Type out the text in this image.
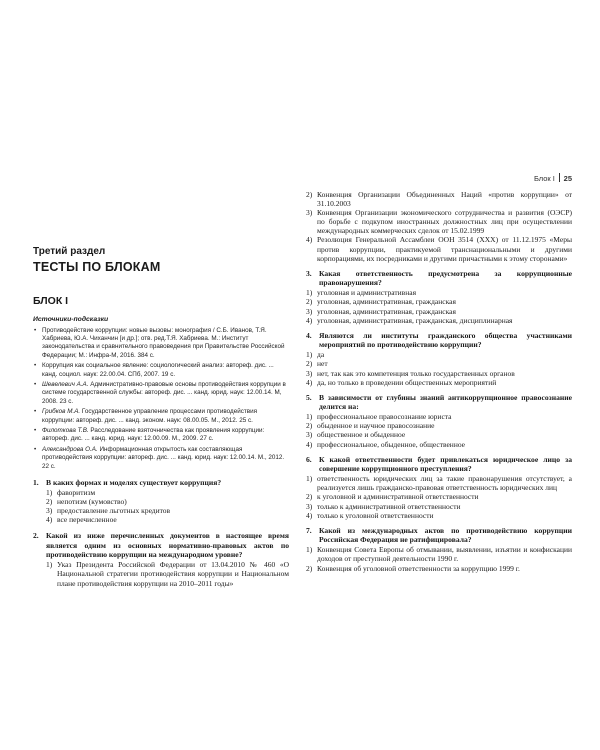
Блок I 25
Третий раздел
ТЕСТЫ ПО БЛОКАМ
БЛОК I
Источники-подсказки
• Противодействие коррупции: новые вызовы: монография / С.Б. Иванов, Т.Я. Хабриева, Ю.А. Чиханчин [и др.]; отв. ред.Т.Я. Хабриева. М.: Институт законодательства и сравнительного правоведения при Правительстве Российской Федерации; М.: Инфра-М, 2016. 384 с.
• Коррупция как социальное явление: социологический анализ: автореф. дис. ... канд. социол. наук: 22.00.04. СПб, 2007. 19 с.
• Шевелевич А.А. Административно-правовые основы противодействия коррупции в системе государственной службы: автореф. дис. ... канд. юрид. наук: 12.00.14. М, 2008. 23 с.
• Грибков М.А. Государственное управление процессами противодействия коррупции: автореф. дис. ... канд. эконом. наук: 08.00.05. М., 2012. 25 с.
• Филоткова Т.В. Расследование взяточничества как проявления коррупции: автореф. дис. ... канд. юрид. наук: 12.00.09. М., 2009. 27 с.
• Александрова О.А. Информационная открытость как составляющая противодействия коррупции: автореф. дис. ... канд. юрид. наук: 12.00.14. М., 2012. 22 с.
1. В каких формах и моделях существует коррупция?
1) фаворитизм
2) непотизм (кумовство)
3) предоставление льготных кредитов
4) все перечисленное
2. Какой из ниже перечисленных документов в настоящее время является одним из основных нормативно-правовых актов по противодействию коррупции на международном уровне?
1) Указ Президента Российской Федерации от 13.04.2010 № 460 «О Национальной стратегии противодействия коррупции и Национальном плане противодействия коррупции на 2010–2011 годы»
2) Конвенция Организации Объединенных Наций «против коррупции» от 31.10.2003
3) Конвенция Организации экономического сотрудничества и развития (ОЭСР) по борьбе с подкупом иностранных должностных лиц при осуществлении международных коммерческих сделок от 15.02.1999
4) Резолюция Генеральной Ассамблеи ООН 3514 (XXX) от 11.12.1975 «Меры против коррупции, практикуемой транснациональными и другими корпорациями, их посредниками и другими причастными к этому сторонами»
3. Какая ответственность предусмотрена за коррупционные правонарушения?
1) уголовная и административная
2) уголовная, административная, гражданская
3) уголовная, административная, гражданская
4) уголовная, административная, гражданская, дисциплинарная
4. Являются ли институты гражданского общества участниками мероприятий по противодействию коррупции?
1) да
2) нет
3) нет, так как это компетенция только государственных органов
4) да, но только в проведении общественных мероприятий
5. В зависимости от глубины знаний антикоррупционное правосознание делится на:
1) профессиональное правосознание юриста
2) обыденное и научное правосознание
3) общественное и обыденное
4) профессиональное, обыденное, общественное
6. К какой ответственности будет привлекаться юридическое лицо за совершение коррупционного преступления?
1) ответственность юридических лиц за такие правонарушения отсутствует, а реализуется лишь гражданско-правовая ответственность юридических лиц
2) к уголовной и административной ответственности
3) только к административной ответственности
4) только к уголовной ответственности
7. Какой из международных актов по противодействию коррупции Российская Федерация не ратифицировала?
1) Конвенция Совета Европы об отмывании, выявлении, изъятии и конфискации доходов от преступной деятельности 1990 г.
2) Конвенция об уголовной ответственности за коррупцию 1999 г.
